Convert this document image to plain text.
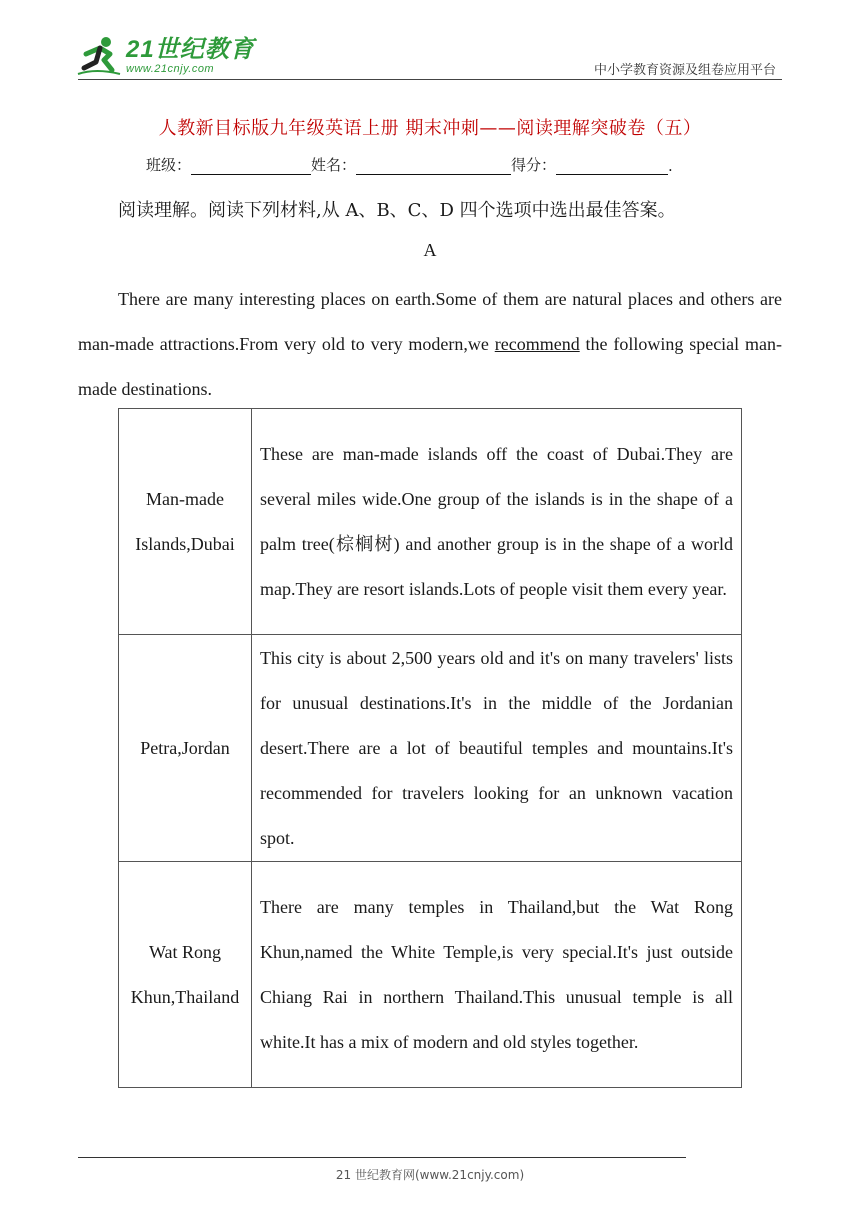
21世纪教育
www.21cnjy.com	中小学教育资源及组卷应用平台
人教新目标版九年级英语上册 期末冲刺——阅读理解突破卷（五）
班级：	姓名：	得分：	.
阅读理解。阅读下列材料,从 A、B、C、D 四个选项中选出最佳答案。
A
There are many interesting places on earth.Some of them are natural places and others are man-made attractions.From very old to very modern,we recommend the following special man-made destinations.
Man-made Islands,Dubai	These are man-made islands off the coast of Dubai.They are several miles wide.One group of the islands is in the shape of a palm tree(棕榈树) and another group is in the shape of a world map.They are resort islands.Lots of people visit them every year.
Petra,Jordan	This city is about 2,500 years old and it's on many travelers' lists for unusual destinations.It's in the middle of the Jordanian desert.There are a lot of beautiful temples and mountains.It's recommended for travelers looking for an unknown vacation spot.
Wat Rong Khun,Thailand	There are many temples in Thailand,but the Wat Rong Khun,named the White Temple,is very special.It's just outside Chiang Rai in northern Thailand.This unusual temple is all white.It has a mix of modern and old styles together.
21 世纪教育网(www.21cnjy.com)
